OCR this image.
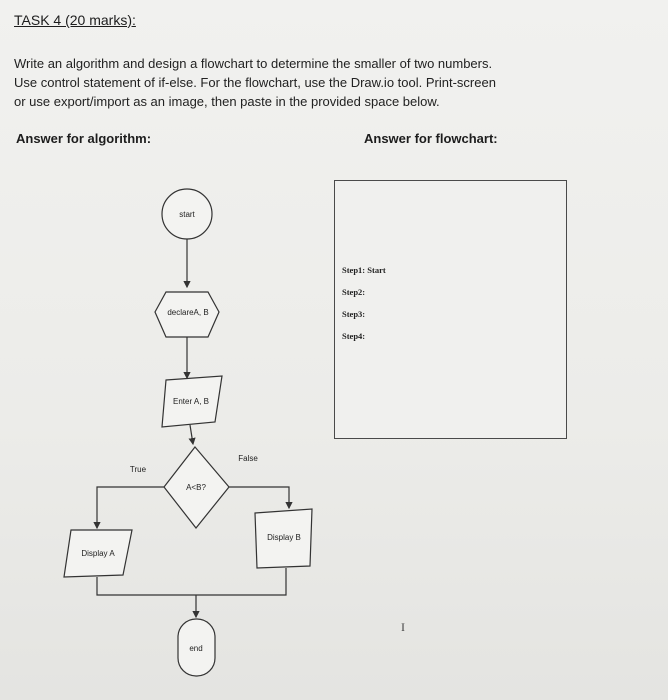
TASK 4 (20 marks):
Write an algorithm and design a flowchart to determine the smaller of two numbers.
Use control statement of if-else. For the flowchart, use the Draw.io tool. Print-screen
or use export/import as an image, then paste in the provided space below.
Answer for algorithm:	Answer for flowchart:
start
declareA, B
Enter A, B
A<B?
True
False
Display A
Display B
end
Step1: Start
Step2:
Step3:
Step4:
I
